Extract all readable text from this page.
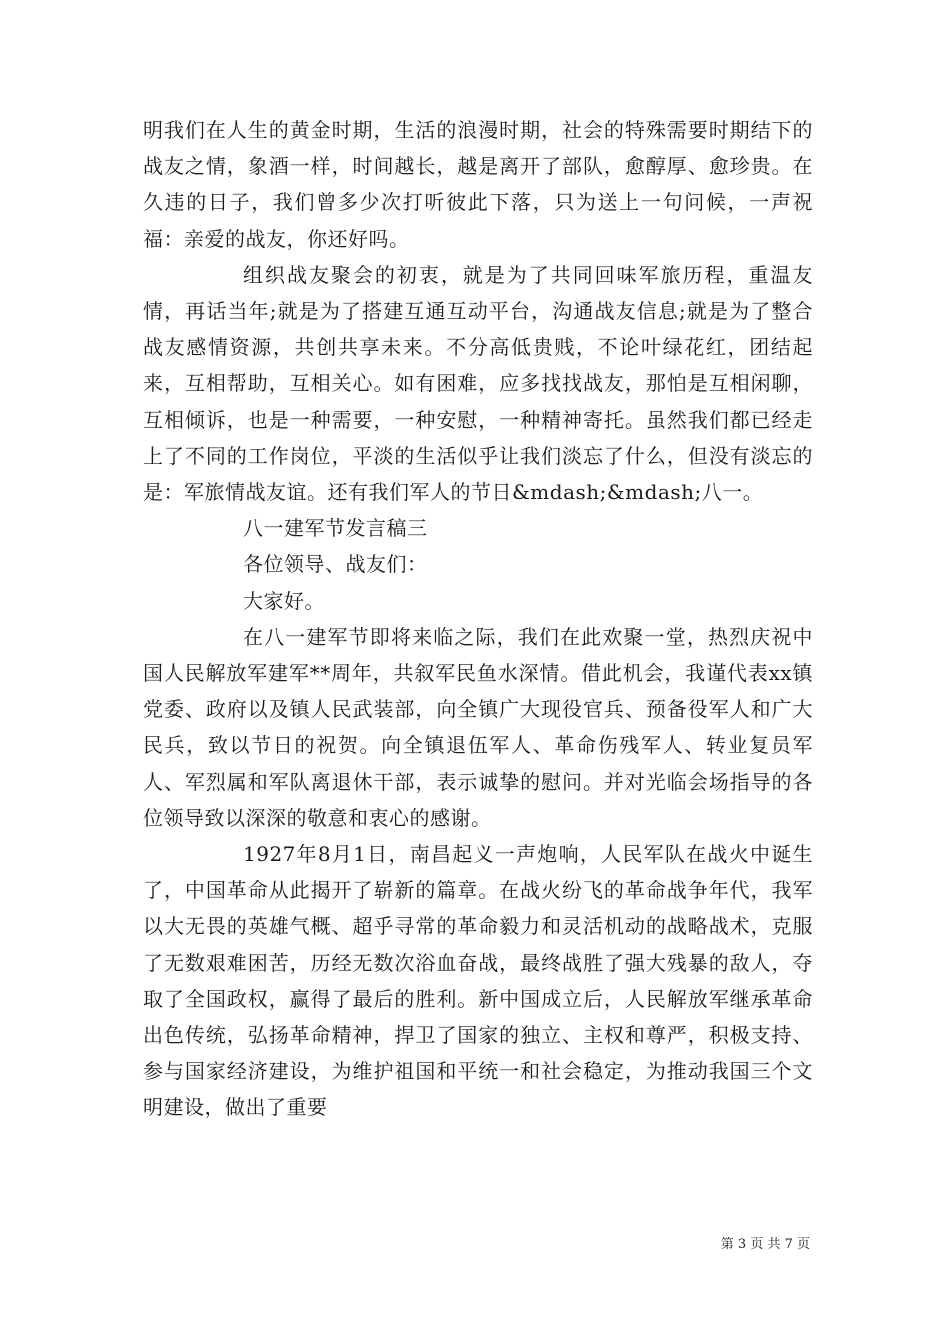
明我们在人生的黄金时期，生活的浪漫时期，社会的特殊需要时期结下的战友之情，象酒一样，时间越长，越是离开了部队，愈醇厚、愈珍贵。在久违的日子，我们曾多少次打听彼此下落，只为送上一句问候，一声祝福：亲爱的战友，你还好吗。

组织战友聚会的初衷，就是为了共同回味军旅历程，重温友情，再话当年;就是为了搭建互通互动平台，沟通战友信息;就是为了整合战友感情资源，共创共享未来。不分高低贵贱，不论叶绿花红，团结起来，互相帮助，互相关心。如有困难，应多找找战友，那怕是互相闲聊，互相倾诉，也是一种需要，一种安慰，一种精神寄托。虽然我们都已经走上了不同的工作岗位，平淡的生活似乎让我们淡忘了什么，但没有淡忘的是：军旅情战友谊。还有我们军人的节日&mdash;&mdash;八一。

八一建军节发言稿三

各位领导、战友们：

大家好。

在八一建军节即将来临之际，我们在此欢聚一堂，热烈庆祝中国人民解放军建军**周年，共叙军民鱼水深情。借此机会，我谨代表xx镇党委、政府以及镇人民武装部，向全镇广大现役官兵、预备役军人和广大民兵，致以节日的祝贺。向全镇退伍军人、革命伤残军人、转业复员军人、军烈属和军队离退休干部，表示诚挚的慰问。并对光临会场指导的各位领导致以深深的敬意和衷心的感谢。

1927年8月1日，南昌起义一声炮响，人民军队在战火中诞生了，中国革命从此揭开了崭新的篇章。在战火纷飞的革命战争年代，我军以大无畏的英雄气概、超乎寻常的革命毅力和灵活机动的战略战术，克服了无数艰难困苦，历经无数次浴血奋战，最终战胜了强大残暴的敌人，夺取了全国政权，赢得了最后的胜利。新中国成立后，人民解放军继承革命出色传统，弘扬革命精神，捍卫了国家的独立、主权和尊严，积极支持、参与国家经济建设，为维护祖国和平统一和社会稳定，为推动我国三个文明建设，做出了重要

第 3 页 共 7 页
